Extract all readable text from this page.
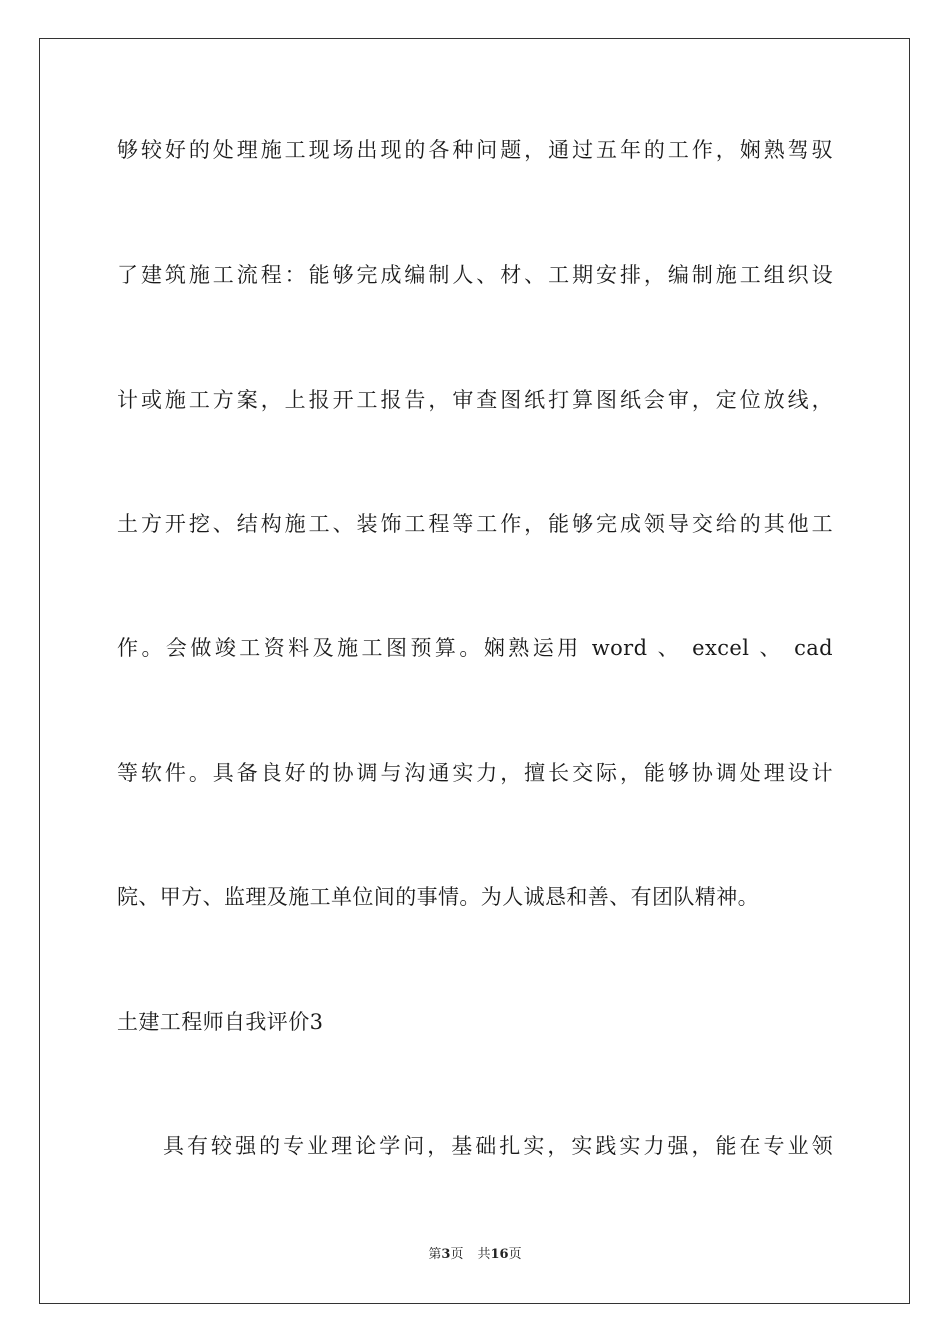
够较好的处理施工现场出现的各种问题，通过五年的工作，娴熟驾驭
了建筑施工流程：能够完成编制人、材、工期安排，编制施工组织设
计或施工方案，上报开工报告，审查图纸打算图纸会审，定位放线，
土方开挖、结构施工、装饰工程等工作，能够完成领导交给的其他工
作。会做竣工资料及施工图预算。娴熟运用 word 、 excel 、 cad
等软件。具备良好的协调与沟通实力，擅长交际，能够协调处理设计
院、甲方、监理及施工单位间的事情。为人诚恳和善、有团队精神。
土建工程师自我评价3
具有较强的专业理论学问，基础扎实，实践实力强，能在专业领
第3页 共16页
